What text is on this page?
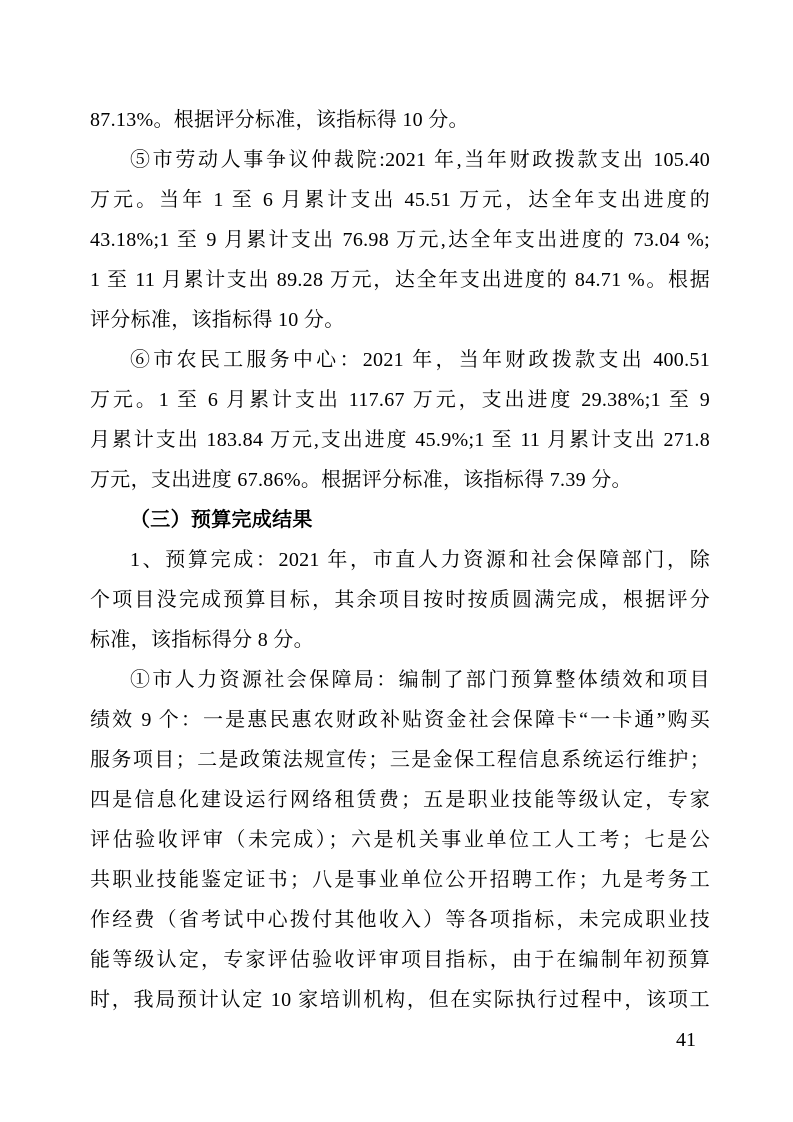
87.13%。根据评分标准，该指标得 10 分。
⑤市劳动人事争议仲裁院:2021 年,当年财政拨款支出 105.40
万元。当年 1 至 6 月累计支出 45.51 万元，达全年支出进度的
43.18%;1 至 9 月累计支出 76.98 万元,达全年支出进度的 73.04 %;
1 至 11 月累计支出 89.28 万元，达全年支出进度的 84.71 %。根据
评分标准，该指标得 10 分。
⑥市农民工服务中心：2021 年，当年财政拨款支出 400.51
万元。1 至 6 月累计支出 117.67 万元，支出进度 29.38%;1 至 9
月累计支出 183.84 万元,支出进度 45.9%;1 至 11 月累计支出 271.8
万元，支出进度 67.86%。根据评分标准，该指标得 7.39 分。
（三）预算完成结果
1、预算完成：2021 年，市直人力资源和社会保障部门，除
个项目没完成预算目标，其余项目按时按质圆满完成，根据评分
标准，该指标得分 8 分。
①市人力资源社会保障局：编制了部门预算整体绩效和项目
绩效 9 个：一是惠民惠农财政补贴资金社会保障卡“一卡通”购买
服务项目；二是政策法规宣传；三是金保工程信息系统运行维护；
四是信息化建设运行网络租赁费；五是职业技能等级认定，专家
评估验收评审（未完成）；六是机关事业单位工人工考；七是公
共职业技能鉴定证书；八是事业单位公开招聘工作；九是考务工
作经费（省考试中心拨付其他收入）等各项指标，未完成职业技
能等级认定，专家评估验收评审项目指标，由于在编制年初预算
时，我局预计认定 10 家培训机构，但在实际执行过程中，该项工
41
